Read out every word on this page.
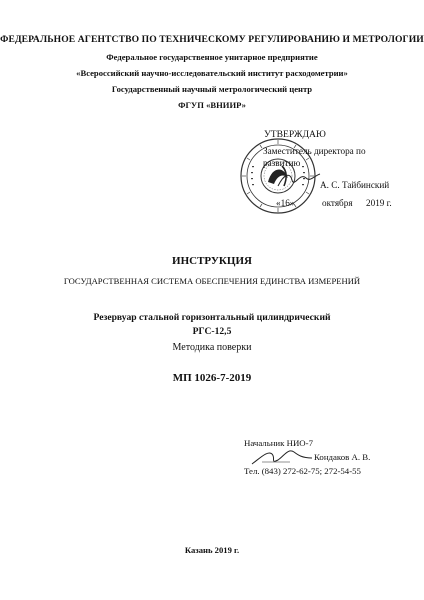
ФЕДЕРАЛЬНОЕ АГЕНТСТВО ПО ТЕХНИЧЕСКОМУ РЕГУЛИРОВАНИЮ И МЕТРОЛОГИИ
Федеральное государственное унитарное предприятие
«Всероссийский научно-исследовательский институт расходометрии»
Государственный научный метрологический центр
ФГУП «ВНИИР»
УТВЕРЖДАЮ
Заместитель директора по
развитию
А. С. Тайбинский
«16»	октября 2019 г.
ИНСТРУКЦИЯ
ГОСУДАРСТВЕННАЯ СИСТЕМА ОБЕСПЕЧЕНИЯ ЕДИНСТВА ИЗМЕРЕНИЙ
Резервуар стальной горизонтальный цилиндрический
РГС-12,5
Методика поверки
МП 1026-7-2019
Начальник НИО-7
Кондаков А. В.
Тел. (843) 272-62-75; 272-54-55
Казань 2019 г.
